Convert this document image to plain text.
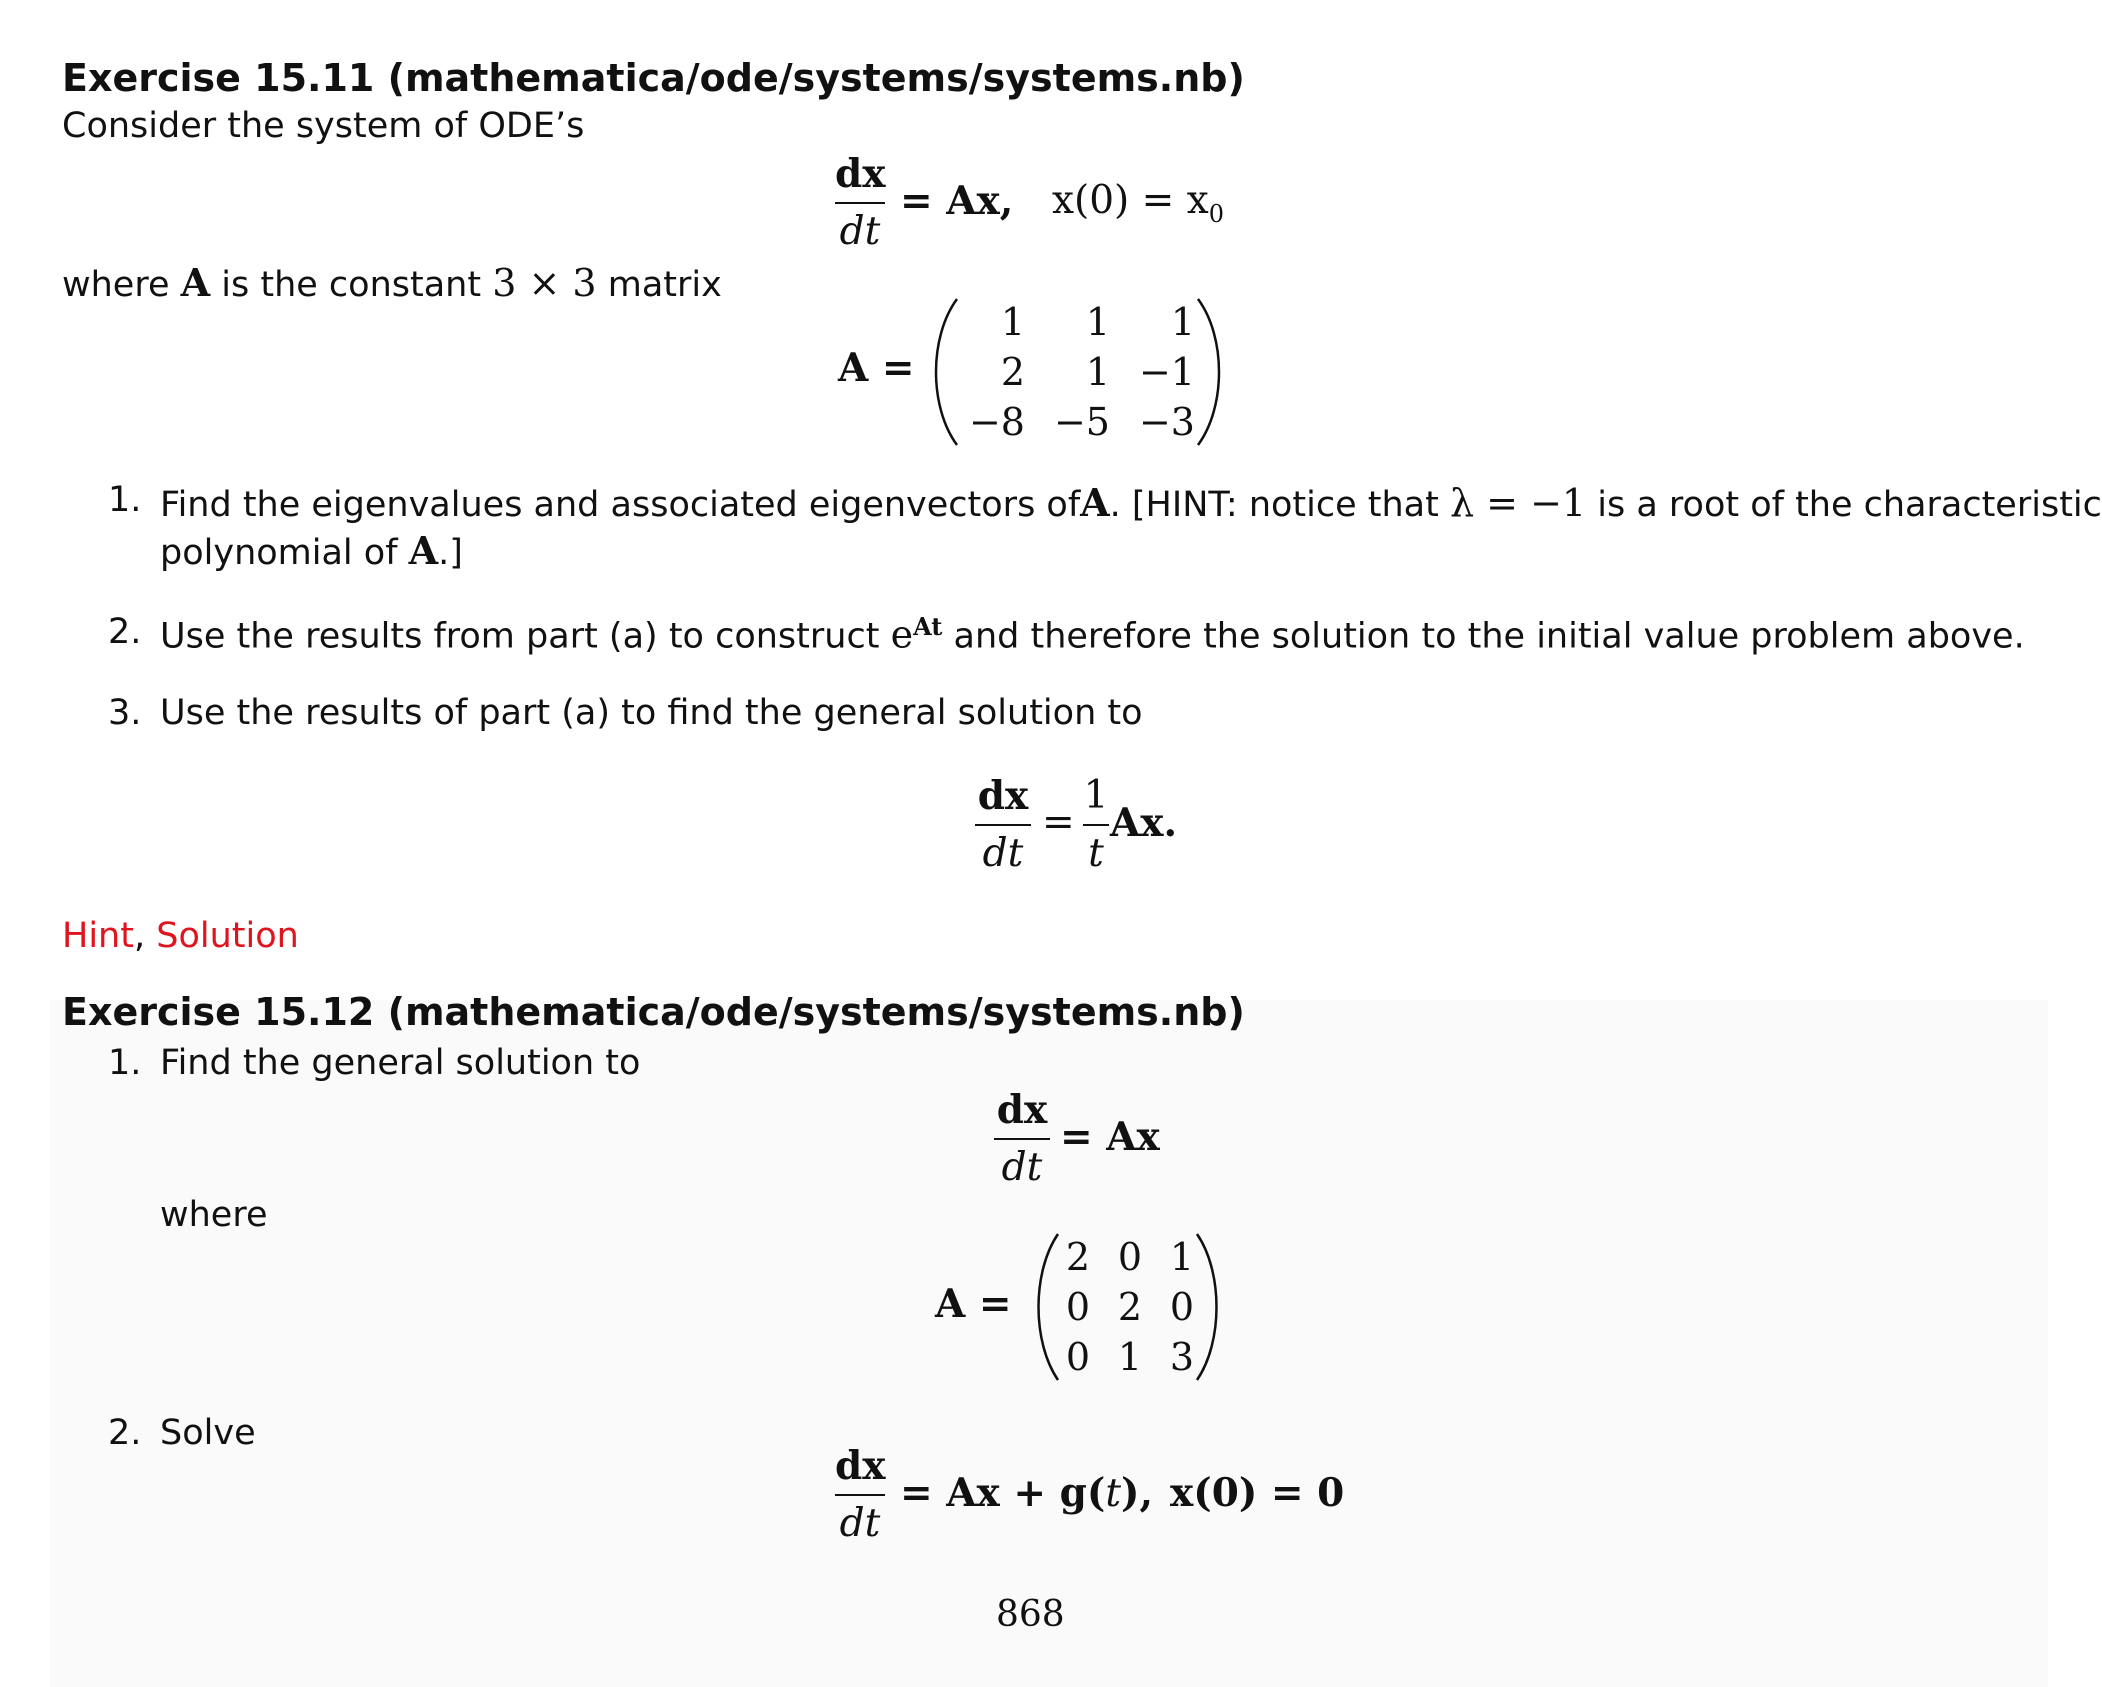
Exercise 15.11 (mathematica/ode/systems/systems.nb)
Consider the system of ODE’s
dx
dt
= Ax, $x(0) = x_0$
where A is the constant 3 × 3 matrix
A =
1	1	1
2	1 −1
−8 −5 −3
1. Find the eigenvalues and associated eigenvectors ofA. [HINT: notice that λ = −1 is a root of the characteristic
polynomial of A.]
2. Use the results from part (a) to construct $e^{At}$ and therefore the solution to the initial value problem above.
3. Use the results of part (a) to find the general solution to
dx
dt
=
1
t
Ax.
Hint, Solution
Exercise 15.12 (mathematica/ode/systems/systems.nb)
1. Find the general solution to
dx
dt
= Ax
where
A =
2 0 1
0 2 0
0 1 3
2. Solve
dx
dt
= Ax + g(t), x(0) = 0
868
